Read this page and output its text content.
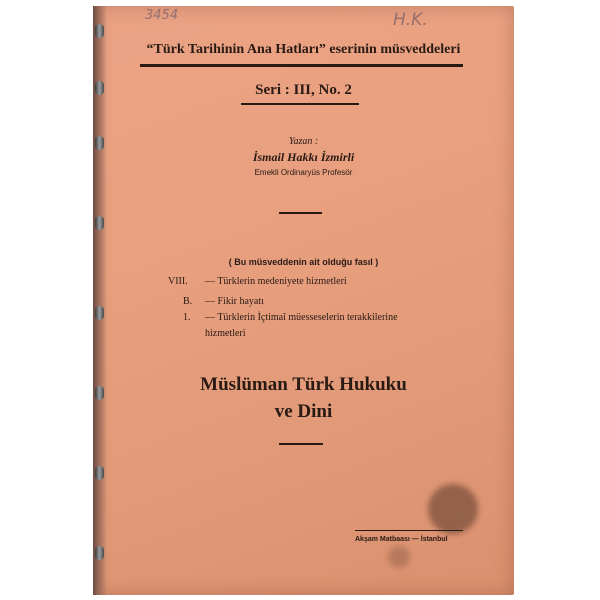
3454	H.K.
“Türk Tarihinin Ana Hatları” eserinin müsveddeleri
Seri : III, No. 2
Yazan :
İsmail Hakkı İzmirli
Emekli Ordinaryüs Profesör
( Bu müsveddenin ait olduğu fasıl )
VIII. — Türklerin medeniyete hizmetleri
B. — Fikir hayatı
1. — Türklerin İçtimaî müesseselerin terakkilerine
hizmetleri
Müslüman Türk Hukuku
ve Dini
Akşam Matbaası — İstanbul
